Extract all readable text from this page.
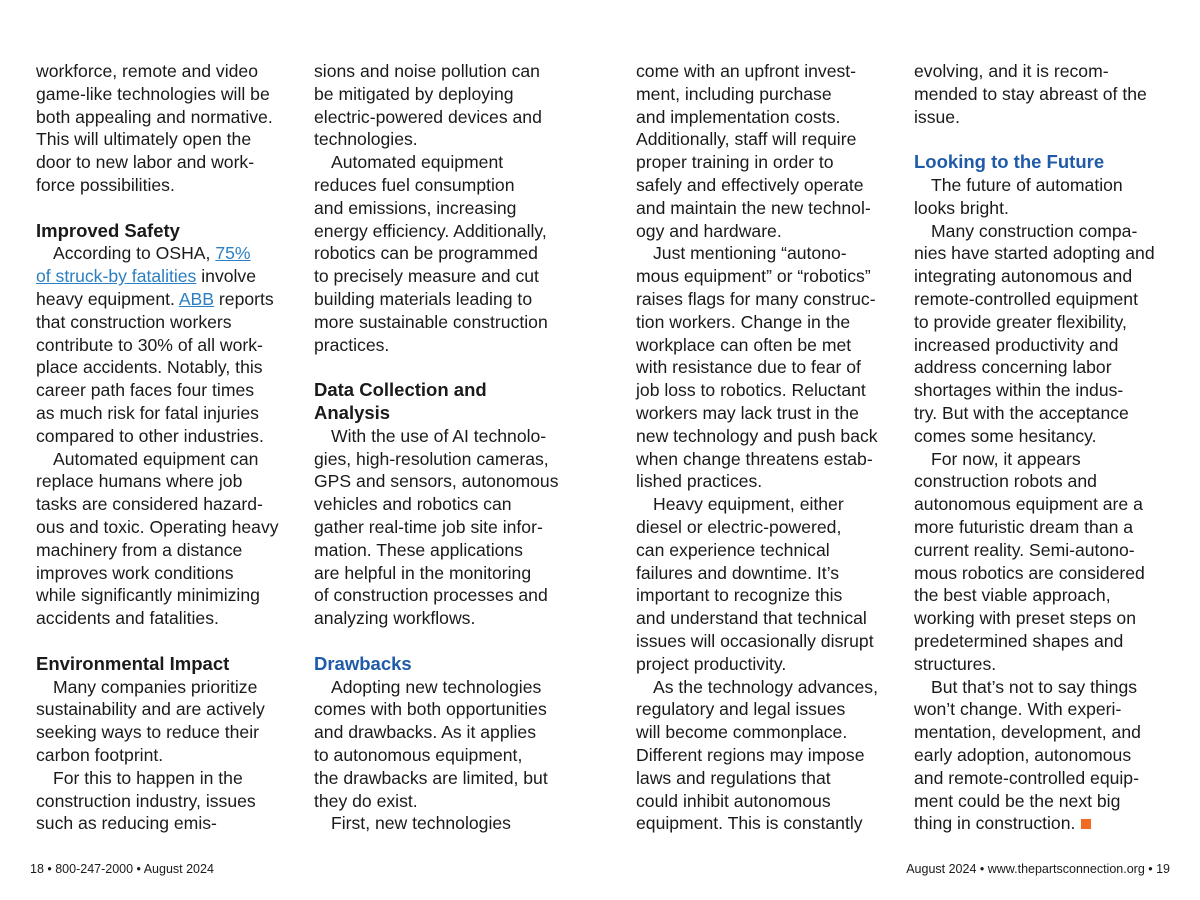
workforce, remote and video
game-like technologies will be
both appealing and normative.
This will ultimately open the
door to new labor and work-
force possibilities.

Improved Safety

According to OSHA, 75%
of struck-by fatalities involve
heavy equipment. ABB reports
that construction workers
contribute to 30% of all work-
place accidents. Notably, this
career path faces four times
as much risk for fatal injuries
compared to other industries.

Automated equipment can
replace humans where job
tasks are considered hazard-
ous and toxic. Operating heavy
machinery from a distance
improves work conditions
while significantly minimizing
accidents and fatalities.

Environmental Impact

Many companies prioritize
sustainability and are actively
seeking ways to reduce their
carbon footprint.

For this to happen in the
construction industry, issues
such as reducing emis-

sions and noise pollution can
be mitigated by deploying
electric-powered devices and
technologies.

Automated equipment
reduces fuel consumption
and emissions, increasing
energy efficiency. Additionally,
robotics can be programmed
to precisely measure and cut
building materials leading to
more sustainable construction
practices.

Data Collection and
Analysis

With the use of AI technolo-
gies, high-resolution cameras,
GPS and sensors, autonomous
vehicles and robotics can
gather real-time job site infor-
mation. These applications
are helpful in the monitoring
of construction processes and
analyzing workflows.

Drawbacks

Adopting new technologies
comes with both opportunities
and drawbacks. As it applies
to autonomous equipment,
the drawbacks are limited, but
they do exist.

First, new technologies

come with an upfront invest-
ment, including purchase
and implementation costs.
Additionally, staff will require
proper training in order to
safely and effectively operate
and maintain the new technol-
ogy and hardware.

Just mentioning “autono-
mous equipment” or “robotics”
raises flags for many construc-
tion workers. Change in the
workplace can often be met
with resistance due to fear of
job loss to robotics. Reluctant
workers may lack trust in the
new technology and push back
when change threatens estab-
lished practices.

Heavy equipment, either
diesel or electric-powered,
can experience technical
failures and downtime. It’s
important to recognize this
and understand that technical
issues will occasionally disrupt
project productivity.

As the technology advances,
regulatory and legal issues
will become commonplace.
Different regions may impose
laws and regulations that
could inhibit autonomous
equipment. This is constantly

evolving, and it is recom-
mended to stay abreast of the
issue.

Looking to the Future

The future of automation
looks bright.

Many construction compa-
nies have started adopting and
integrating autonomous and
remote-controlled equipment
to provide greater flexibility,
increased productivity and
address concerning labor
shortages within the indus-
try. But with the acceptance
comes some hesitancy.

For now, it appears
construction robots and
autonomous equipment are a
more futuristic dream than a
current reality. Semi-autono-
mous robotics are considered
the best viable approach,
working with preset steps on
predetermined shapes and
structures.

But that’s not to say things
won’t change. With experi-
mentation, development, and
early adoption, autonomous
and remote-controlled equip-
ment could be the next big
thing in construction.

18 • 800-247-2000 • August 2024	August 2024 • www.thepartsconnection.org • 19
